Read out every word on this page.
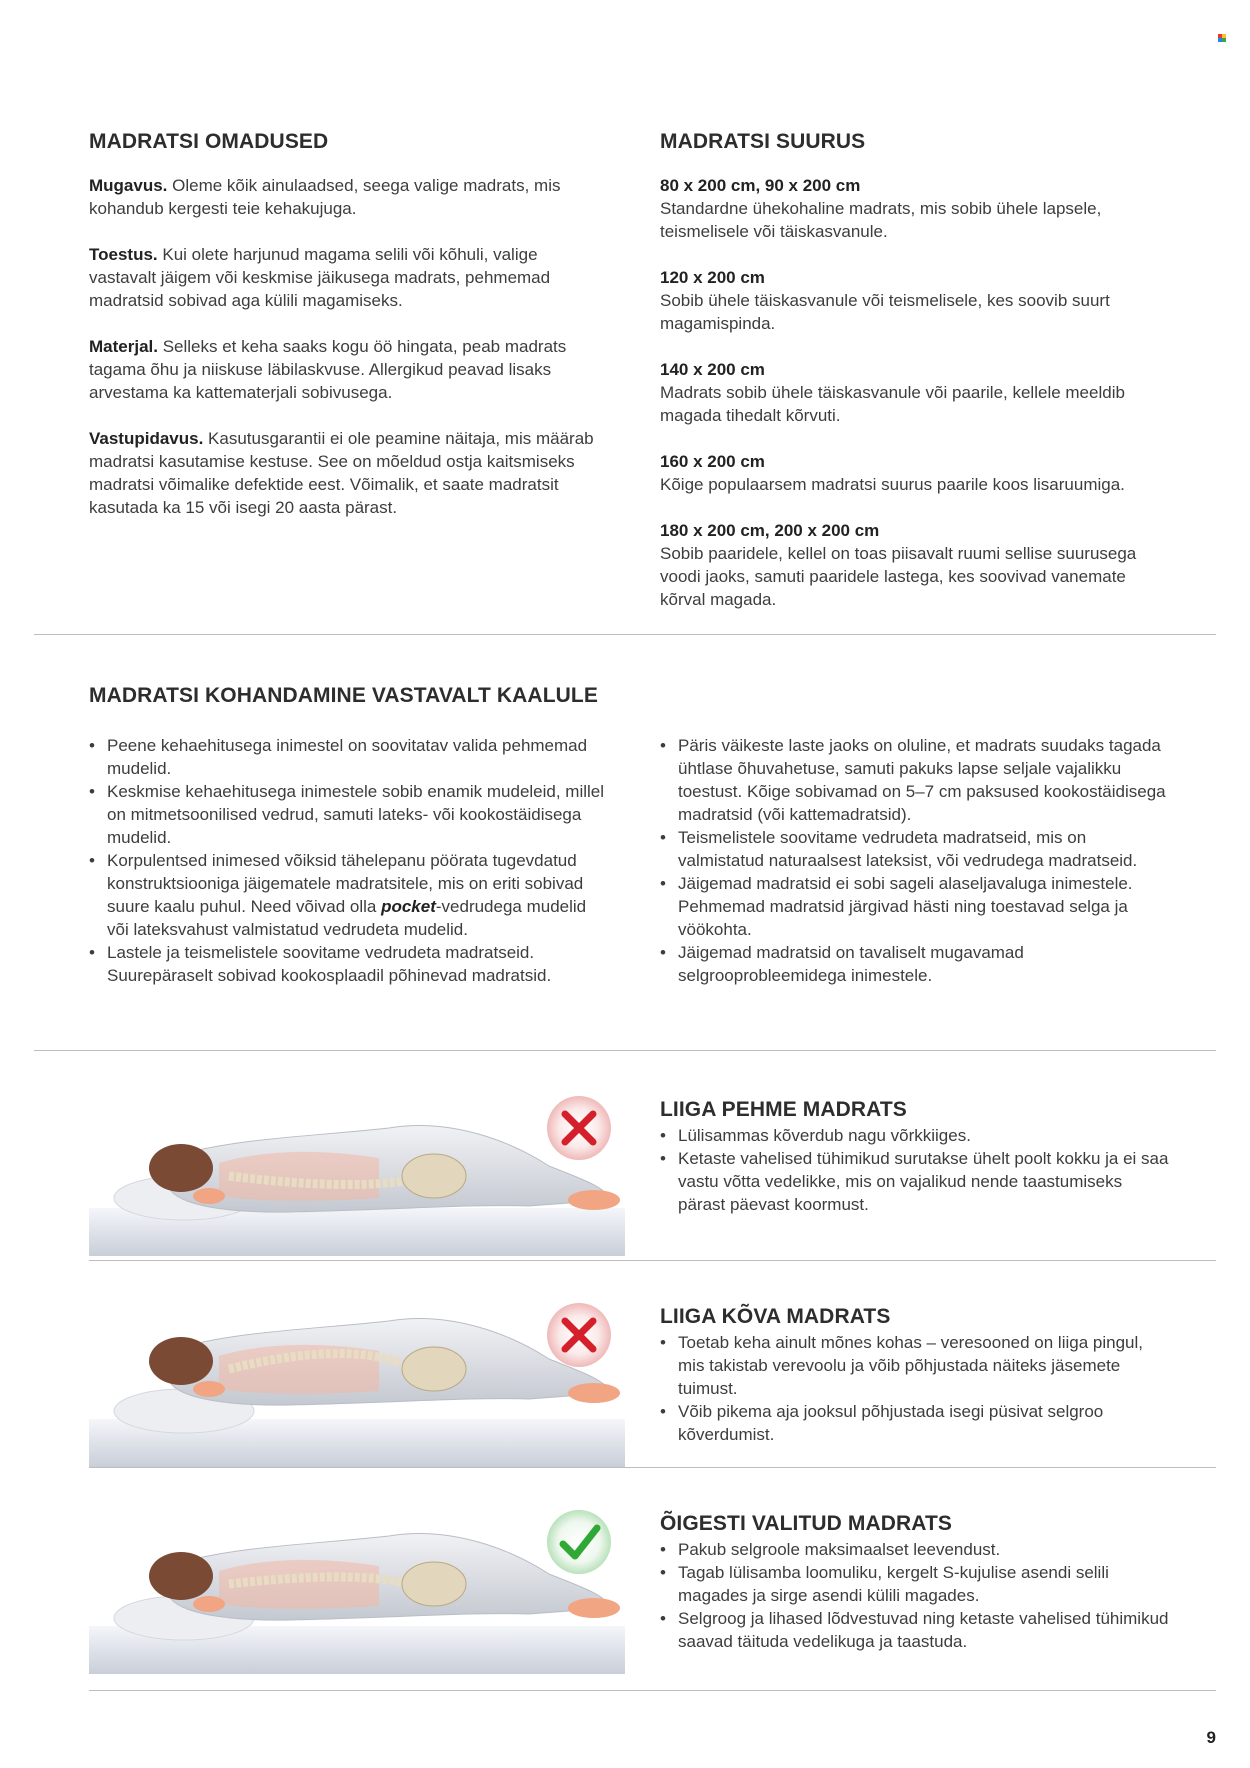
MADRATSI OMADUSED

Mugavus. Oleme kõik ainulaadsed, seega valige madrats, mis kohandub kergesti teie kehakujuga.

Toestus. Kui olete harjunud magama selili või kõhuli, valige vastavalt jäigem või keskmise jäikusega madrats, pehmemad madratsid sobivad aga külili magamiseks.

Materjal. Selleks et keha saaks kogu öö hingata, peab madrats tagama õhu ja niiskuse läbilaskvuse. Allergikud peavad lisaks arvestama ka kattematerjali sobivusega.

Vastupidavus. Kasutusgarantii ei ole peamine näitaja, mis määrab madratsi kasutamise kestuse. See on mõeldud ostja kaitsmiseks madratsi võimalike defektide eest. Võimalik, et saate madratsit kasutada ka 15 või isegi 20 aasta pärast.

MADRATSI SUURUS

80 x 200 cm, 90 x 200 cm

Standardne ühekohaline madrats, mis sobib ühele lapsele, teismelisele või täiskasvanule.

120 x 200 cm

Sobib ühele täiskasvanule või teismelisele, kes soovib suurt magamispinda.

140 x 200 cm

Madrats sobib ühele täiskasvanule või paarile, kellele meeldib magada tihedalt kõrvuti.

160 x 200 cm

Kõige populaarsem madratsi suurus paarile koos lisaruumiga.

180 x 200 cm, 200 x 200 cm

Sobib paaridele, kellel on toas piisavalt ruumi sellise suurusega voodi jaoks, samuti paaridele lastega, kes soovivad vanemate kõrval magada.

MADRATSI KOHANDAMINE VASTAVALT KAALULE
• Peene kehaehitusega inimestel on soovitatav valida pehmemad mudelid.
• Keskmise kehaehitusega inimestele sobib enamik mudeleid, millel on mitmetsoonilised vedrud, samuti lateks- või kookostäidisega mudelid.
• Korpulentsed inimesed võiksid tähelepanu pöörata tugevdatud konstruktsiooniga jäigematele madratsitele, mis on eriti sobivad suure kaalu puhul. Need võivad olla pocket-vedrudega mudelid või lateksvahust valmistatud vedrudeta mudelid.
• Lastele ja teismelistele soovitame vedrudeta madratseid. Suurepäraselt sobivad kookosplaadil põhinevad madratsid.
• Päris väikeste laste jaoks on oluline, et madrats suudaks tagada ühtlase õhuvahetuse, samuti pakuks lapse seljale vajalikku toestust. Kõige sobivamad on 5–7 cm paksused kookostäidisega madratsid (või kattemadratsid).
• Teismelistele soovitame vedrudeta madratseid, mis on valmistatud naturaalsest lateksist, või vedrudega madratseid.
• Jäigemad madratsid ei sobi sageli alaseljavaluga inimestele. Pehmemad madratsid järgivad hästi ning toestavad selga ja vöökohta.
• Jäigemad madratsid on tavaliselt mugavamad selgrooprobleemidega inimestele.
LIIGA PEHME MADRATS
• Lülisammas kõverdub nagu võrkkiiges.
• Ketaste vahelised tühimikud surutakse ühelt poolt kokku ja ei saa vastu võtta vedelikke, mis on vajalikud nende taastumiseks pärast päevast koormust.
LIIGA KÕVA MADRATS
• Toetab keha ainult mõnes kohas – veresooned on liiga pingul, mis takistab verevoolu ja võib põhjustada näiteks jäsemete tuimust.
• Võib pikema aja jooksul põhjustada isegi püsivat selgroo kõverdumist.
ÕIGESTI VALITUD MADRATS
• Pakub selgroole maksimaalset leevendust.
• Tagab lülisamba loomuliku, kergelt S-kujulise asendi selili magades ja sirge asendi külili magades.
• Selgroog ja lihased lõdvestuvad ning ketaste vahelised tühimikud saavad täituda vedelikuga ja taastuda.
9
